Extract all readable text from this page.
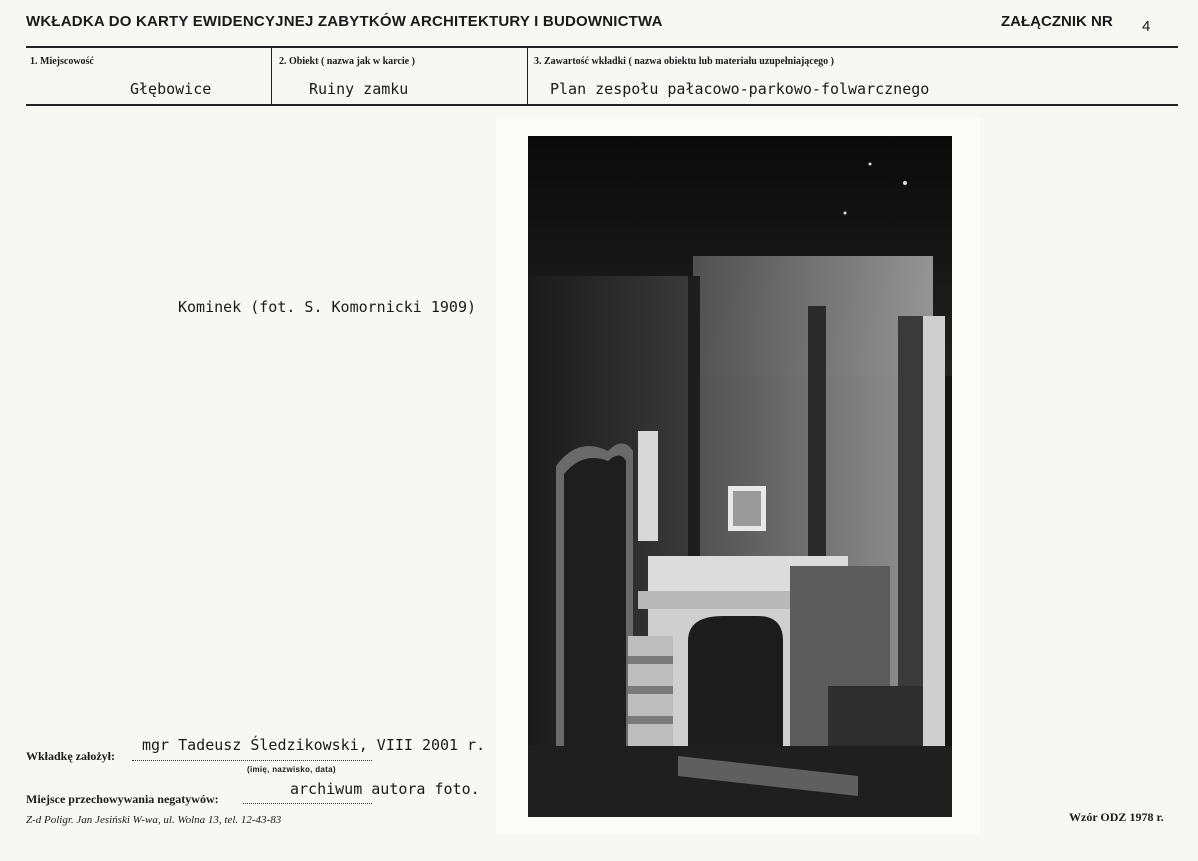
WKŁADKA DO KARTY EWIDENCYJNEJ ZABYTKÓW ARCHITEKTURY I BUDOWNICTWA	ZAŁĄCZNIK NR 4
1. Miejscowość
Głębowice
2. Obiekt ( nazwa jak w karcie )
Ruiny zamku
3. Zawartość wkładki ( nazwa obiektu lub materiału uzupełniającego )
Plan zespołu pałacowo-parkowo-folwarcznego
Kominek (fot. S. Komornicki 1909)
Wkładkę założył:
mgr Tadeusz Śledzikowski, VIII 2001 r.
(imię, nazwisko, data)
Miejsce przechowywania negatywów:
archiwum autora foto.
Z-d Poligr. Jan Jesiński W-wa, ul. Wolna 13, tel. 12-43-83	Wzór ODZ 1978 r.
